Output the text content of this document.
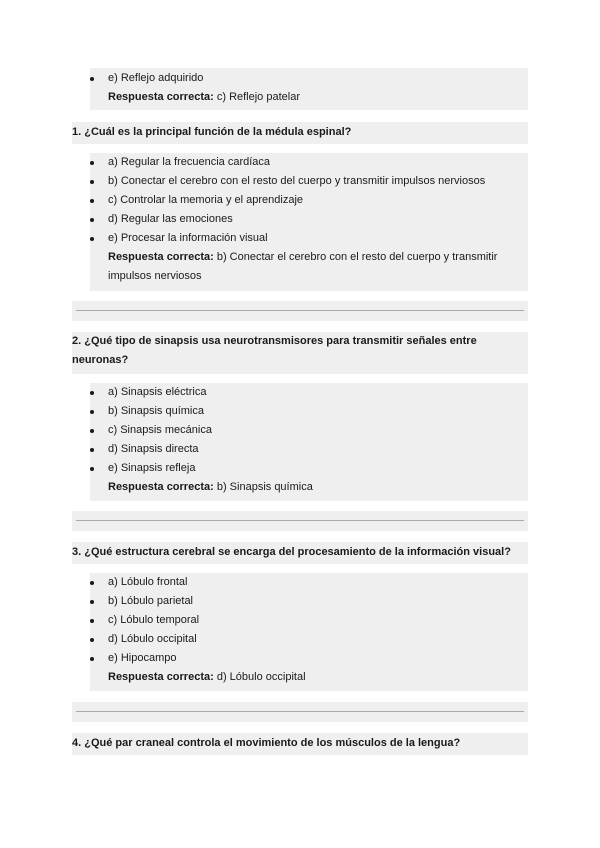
e) Reflejo adquirido
Respuesta correcta: c) Reflejo patelar
1. ¿Cuál es la principal función de la médula espinal?
a) Regular la frecuencia cardíaca
b) Conectar el cerebro con el resto del cuerpo y transmitir impulsos nerviosos
c) Controlar la memoria y el aprendizaje
d) Regular las emociones
e) Procesar la información visual
Respuesta correcta: b) Conectar el cerebro con el resto del cuerpo y transmitir impulsos nerviosos
2. ¿Qué tipo de sinapsis usa neurotransmisores para transmitir señales entre neuronas?
a) Sinapsis eléctrica
b) Sinapsis química
c) Sinapsis mecánica
d) Sinapsis directa
e) Sinapsis refleja
Respuesta correcta: b) Sinapsis química
3. ¿Qué estructura cerebral se encarga del procesamiento de la información visual?
a) Lóbulo frontal
b) Lóbulo parietal
c) Lóbulo temporal
d) Lóbulo occipital
e) Hipocampo
Respuesta correcta: d) Lóbulo occipital
4. ¿Qué par craneal controla el movimiento de los músculos de la lengua?
